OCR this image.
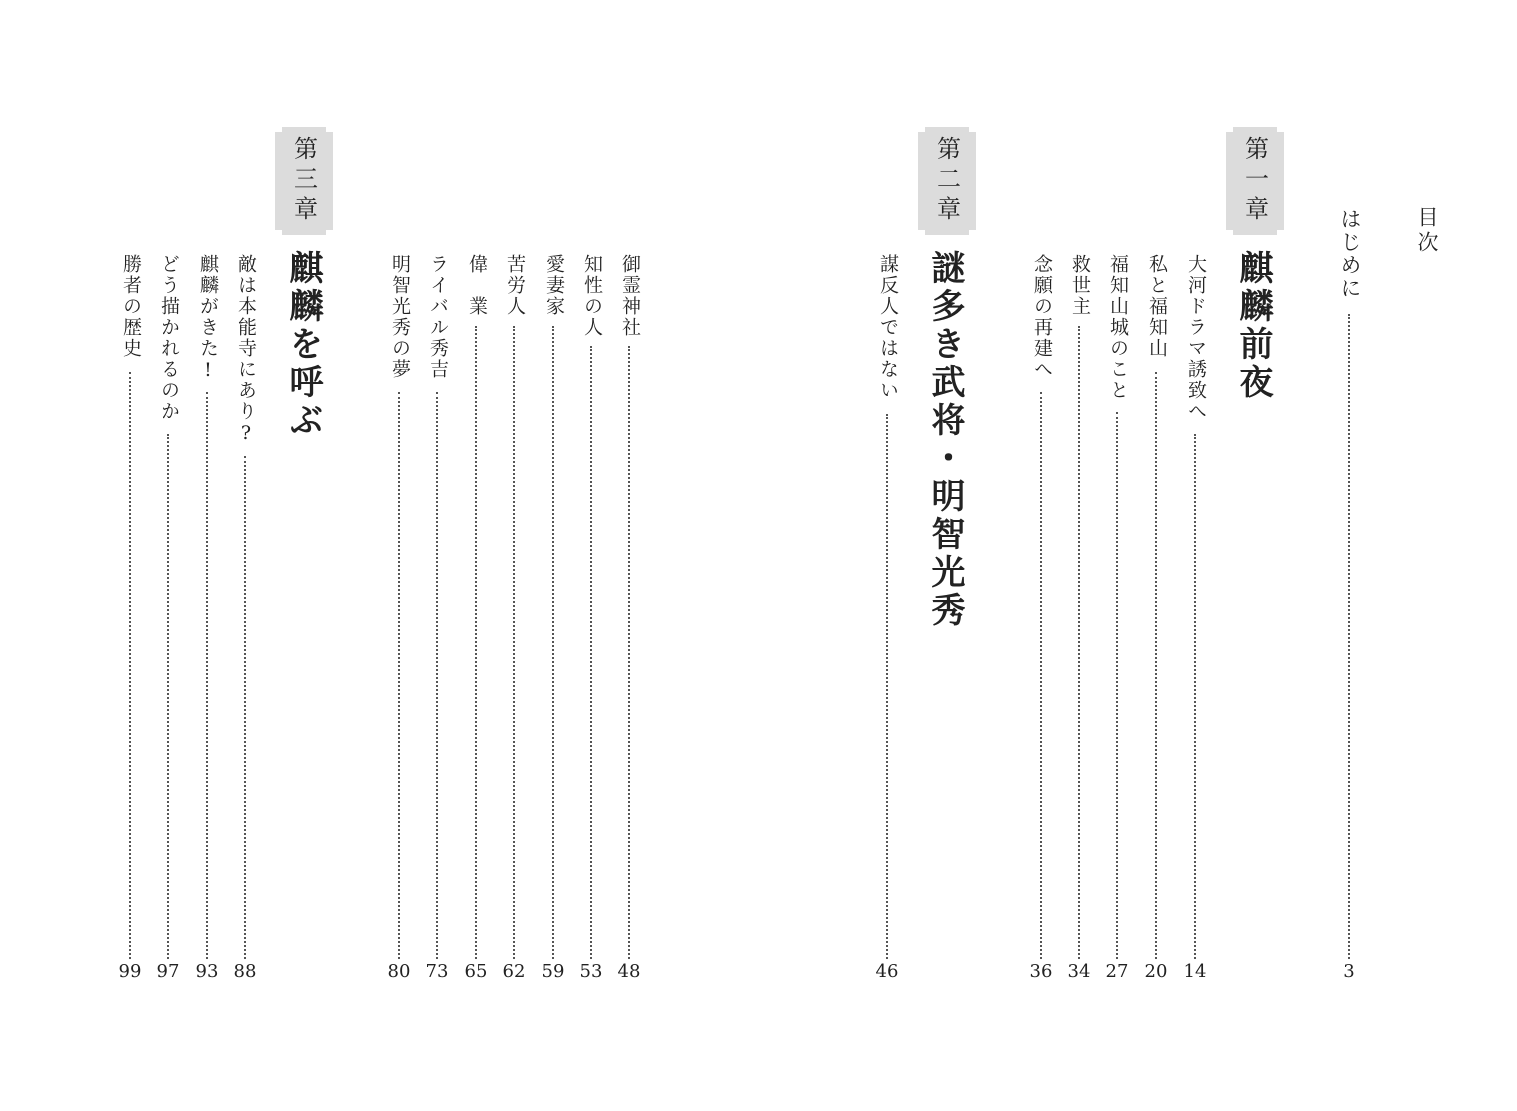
目次
はじめに
3
第一章
麒麟前夜
大河ドラマ誘致へ
14
私と福知山
20
福知山城のこと
27
救世主
34
念願の再建へ
36
第二章
謎多き武将・明智光秀
謀反人ではない
46
御霊神社
48
知性の人
53
愛妻家
59
苦労人
62
偉　業
65
ライバル秀吉
73
明智光秀の夢
80
第三章
麒麟を呼ぶ
敵は本能寺にあり?
88
麒麟がきた!
93
どう描かれるのか
97
勝者の歴史
99
